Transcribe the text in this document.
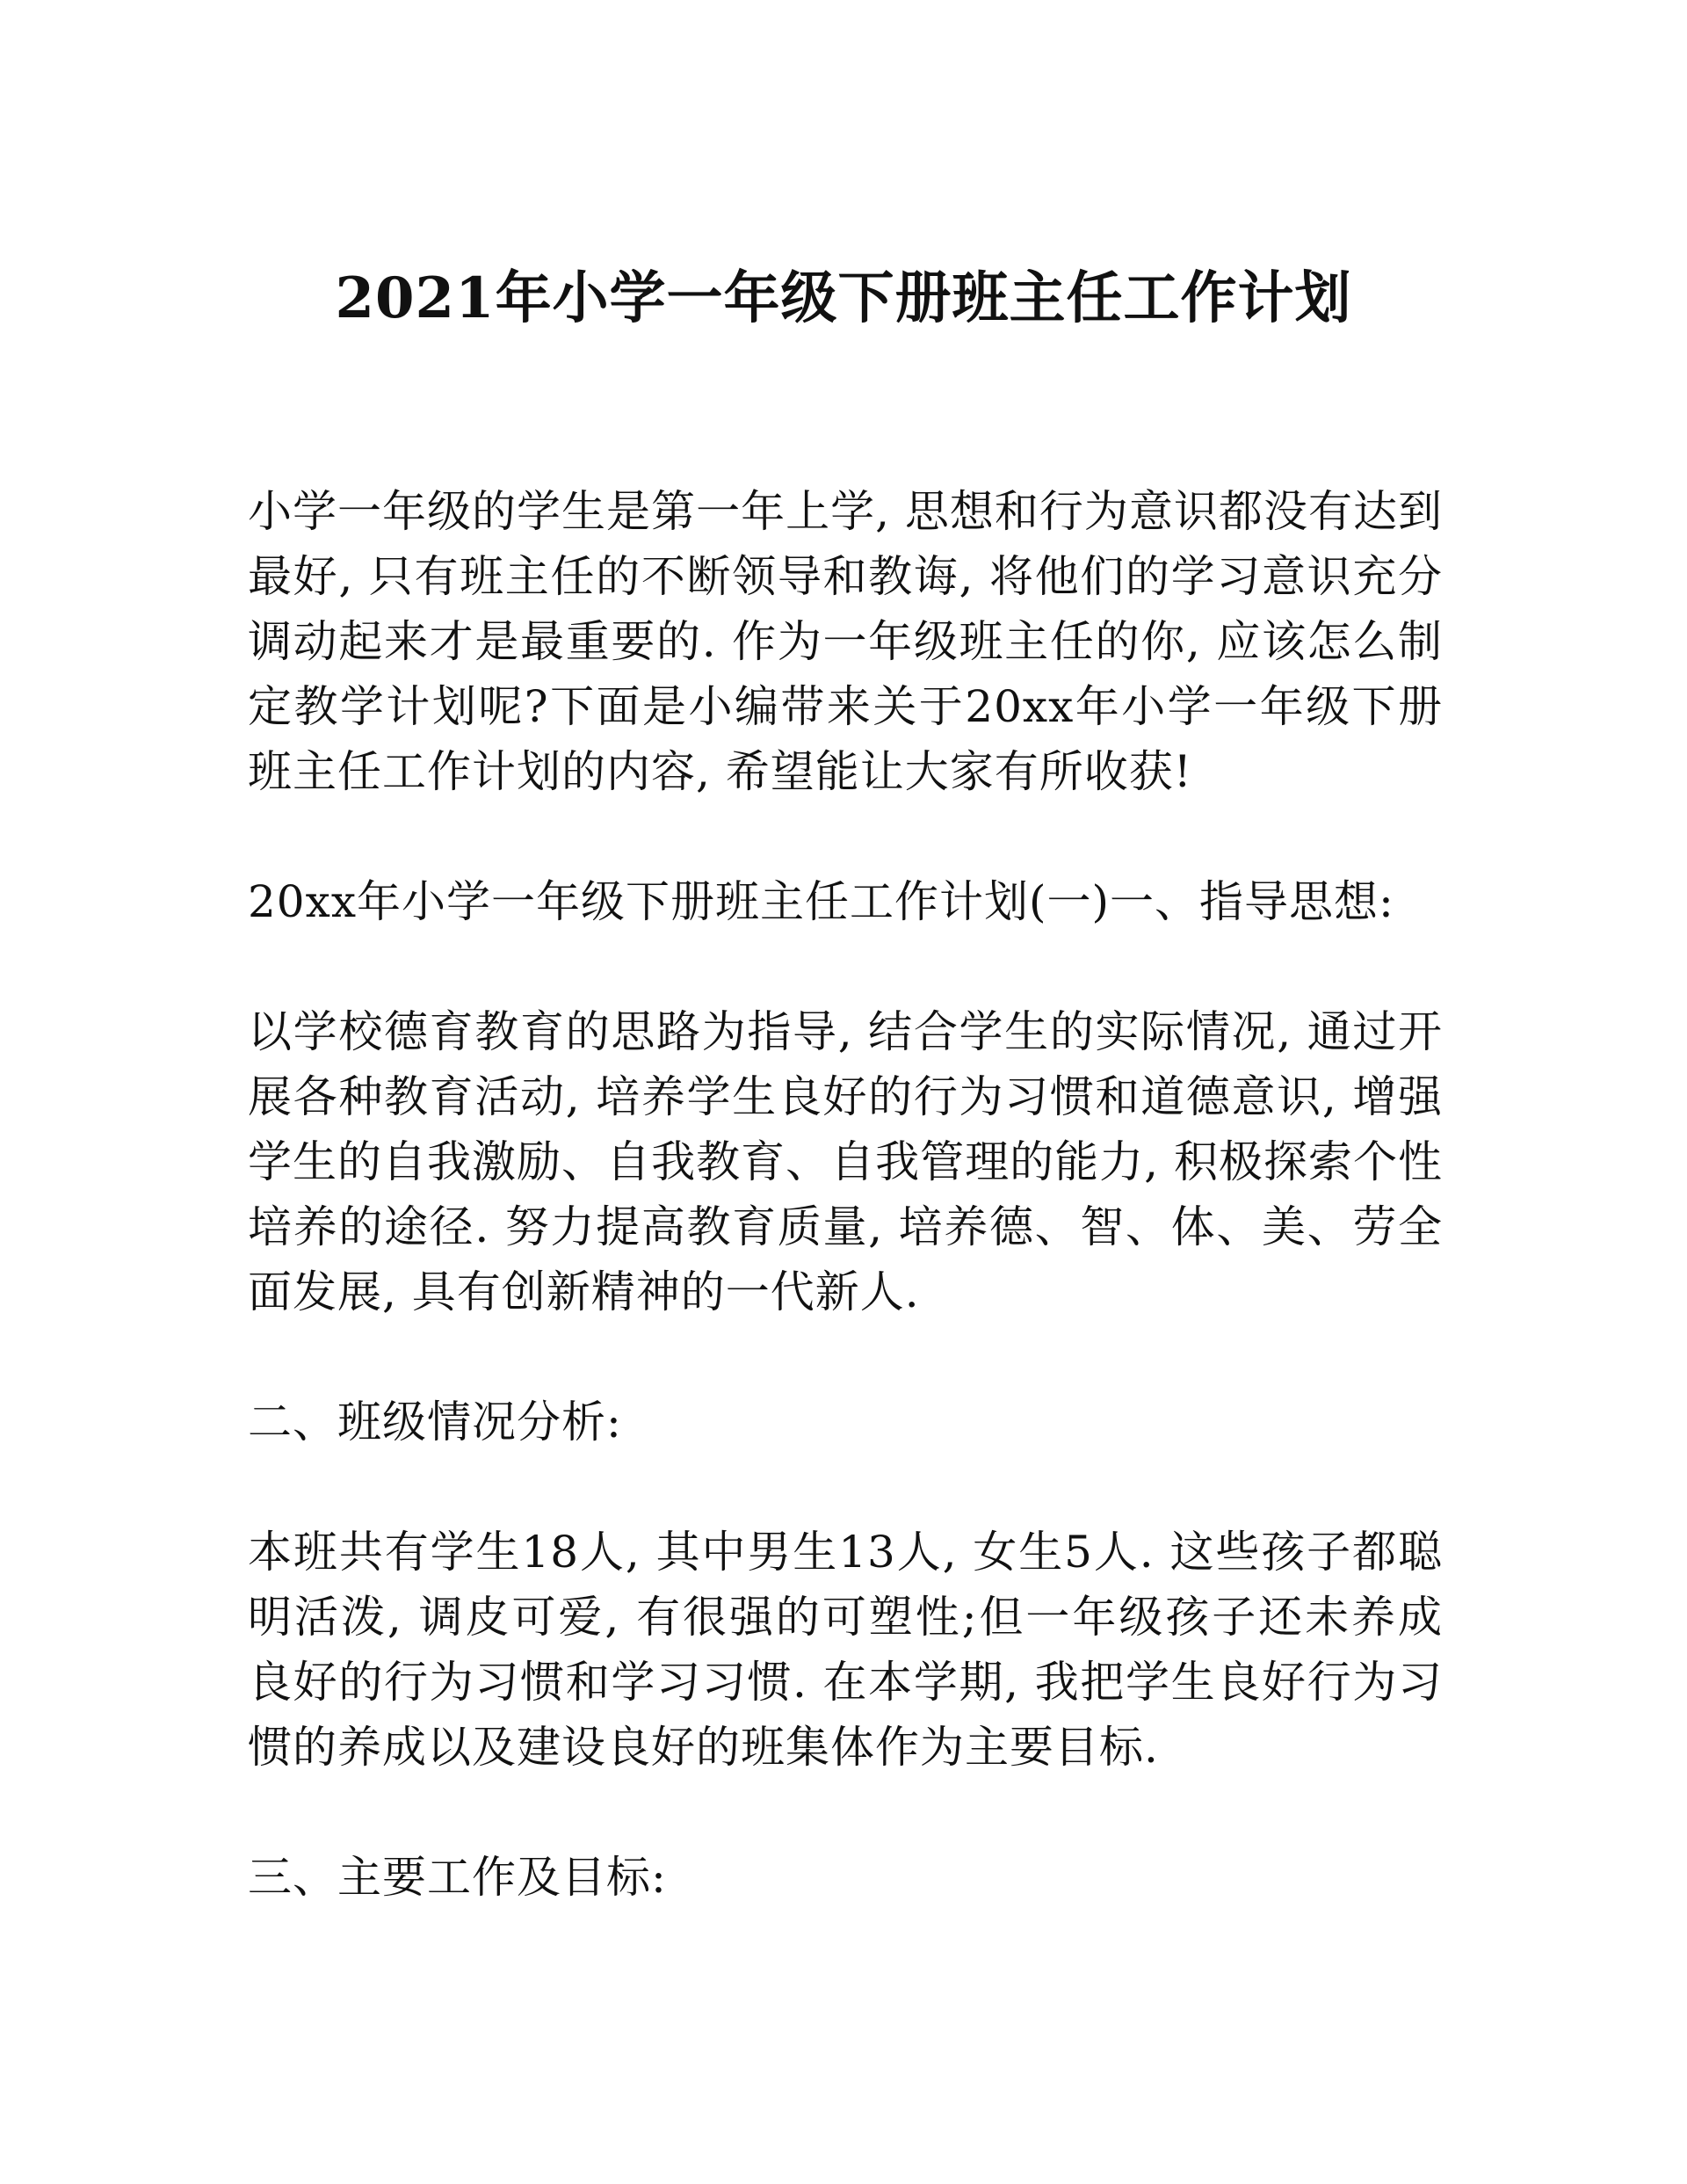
2021年小学一年级下册班主任工作计划

小学一年级的学生是第一年上学, 思想和行为意识都没有达到最好, 只有班主任的不断领导和教诲, 将他们的学习意识充分调动起来才是最重要的. 作为一年级班主任的你, 应该怎么制定教学计划呢?下面是小编带来关于20xx年小学一年级下册班主任工作计划的内容, 希望能让大家有所收获!

20xx年小学一年级下册班主任工作计划(一)一、指导思想:

以学校德育教育的思路为指导, 结合学生的实际情况, 通过开展各种教育活动, 培养学生良好的行为习惯和道德意识, 增强学生的自我激励、自我教育、自我管理的能力, 积极探索个性培养的途径. 努力提高教育质量, 培养德、智、体、美、劳全面发展, 具有创新精神的一代新人.

二、班级情况分析:

本班共有学生18人, 其中男生13人, 女生5人. 这些孩子都聪明活泼, 调皮可爱, 有很强的可塑性;但一年级孩子还未养成良好的行为习惯和学习习惯. 在本学期, 我把学生良好行为习惯的养成以及建设良好的班集体作为主要目标.

三、主要工作及目标:
